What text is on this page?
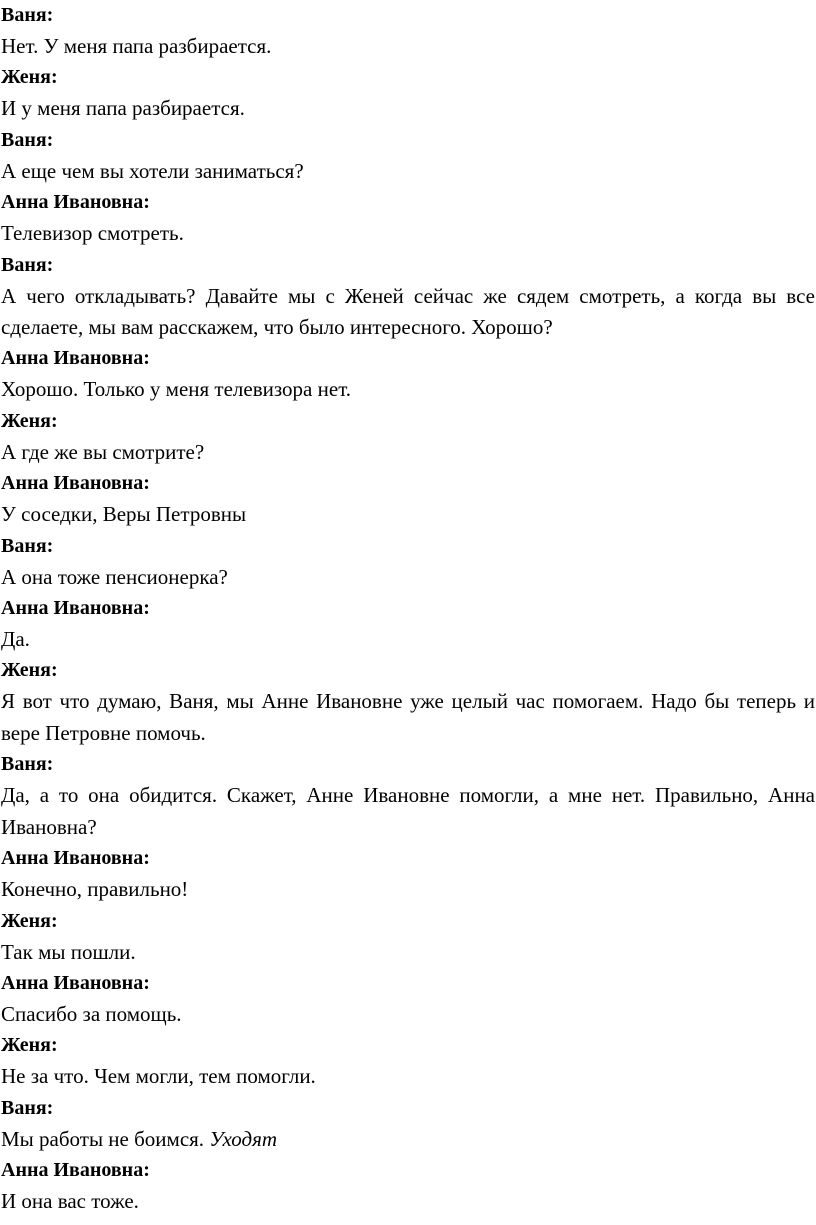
Ваня:

Нет. У меня папа разбирается.

Женя:

И у меня папа разбирается.

Ваня:

А еще чем вы хотели заниматься?

Анна Ивановна:

Телевизор смотреть.

Ваня:

А чего откладывать? Давайте мы с Женей сейчас же сядем смотреть, а когда вы все сделаете, мы вам расскажем, что было интересного. Хорошо?

Анна Ивановна:

Хорошо. Только у меня телевизора нет.

Женя:

А где же вы смотрите?

Анна Ивановна:

У соседки, Веры Петровны

Ваня:

А она тоже пенсионерка?

Анна Ивановна:

Да.

Женя:

Я вот что думаю, Ваня, мы Анне Ивановне уже целый час помогаем. Надо бы теперь и вере Петровне помочь.

Ваня:

Да, а то она обидится. Скажет, Анне Ивановне помогли, а мне нет. Правильно, Анна Ивановна?

Анна Ивановна:

Конечно, правильно!

Женя:

Так мы пошли.

Анна Ивановна:

Спасибо за помощь.

Женя:

Не за что. Чем могли, тем помогли.

Ваня:

Мы работы не боимся. Уходят

Анна Ивановна:

И она вас тоже.
